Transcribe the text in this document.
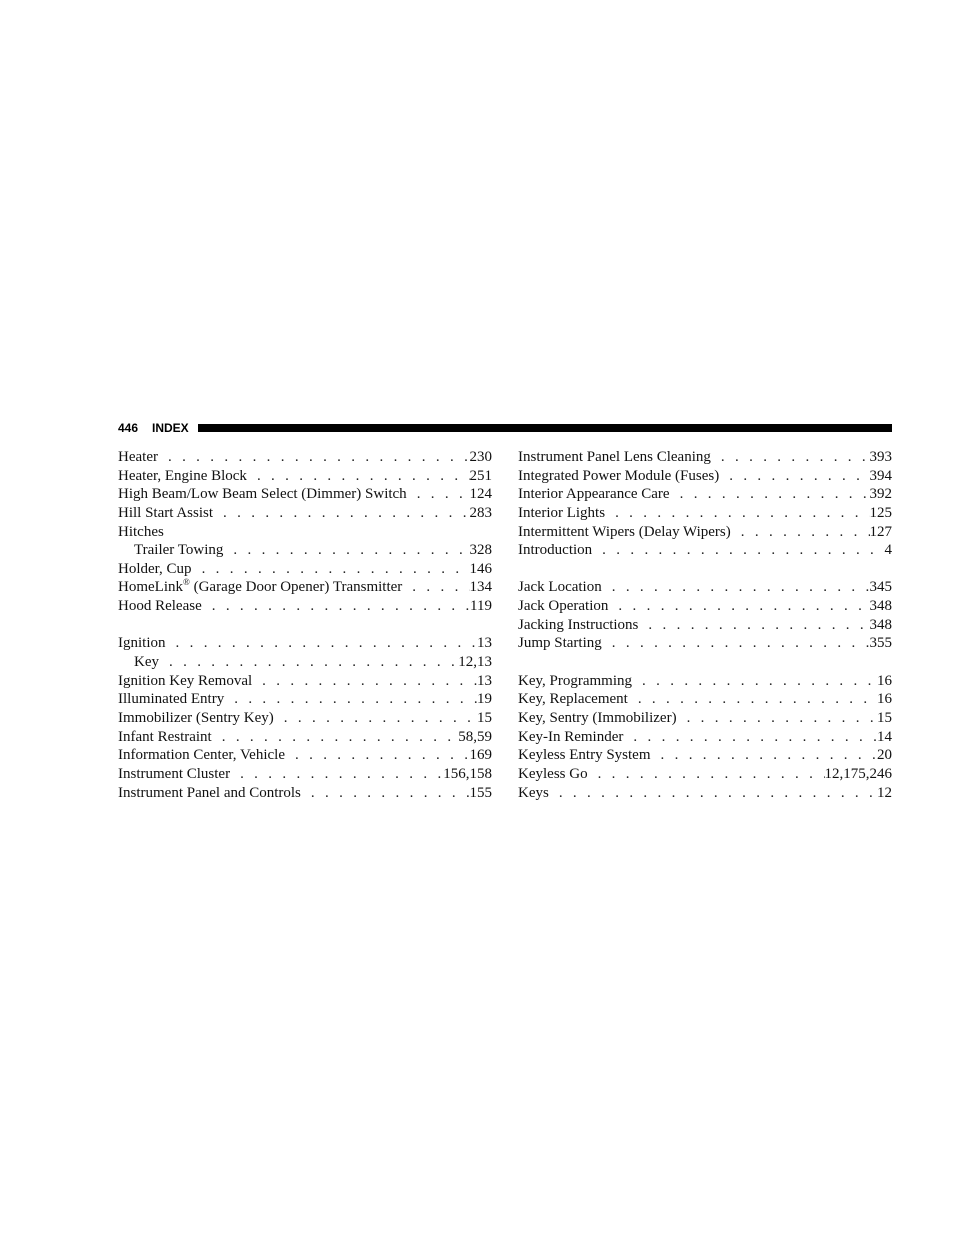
446 INDEX
Heater . . .	230
Heater, Engine Block . . .	251
High Beam/Low Beam Select (Dimmer) Switch . . .	124
Hill Start Assist . . .	283
Hitches
Trailer Towing . . .	328
Holder, Cup . . .	146
HomeLink® (Garage Door Opener) Transmitter . . .	134
Hood Release . . .	119
Ignition . . .	13
Key . . .	12,13
Ignition Key Removal . . .	13
Illuminated Entry . . .	19
Immobilizer (Sentry Key) . . .	15
Infant Restraint . . .	58,59
Information Center, Vehicle . . .	169
Instrument Cluster . . .	156,158
Instrument Panel and Controls . . .	155
Instrument Panel Lens Cleaning . . .	393
Integrated Power Module (Fuses) . . .	394
Interior Appearance Care . . .	392
Interior Lights . . .	125
Intermittent Wipers (Delay Wipers) . . .	127
Introduction . . .	4
Jack Location . . .	345
Jack Operation . . .	348
Jacking Instructions . . .	348
Jump Starting . . .	355
Key, Programming . . .	16
Key, Replacement . . .	16
Key, Sentry (Immobilizer) . . .	15
Key-In Reminder . . .	14
Keyless Entry System . . .	20
Keyless Go . . .	12,175,246
Keys . . .	12
